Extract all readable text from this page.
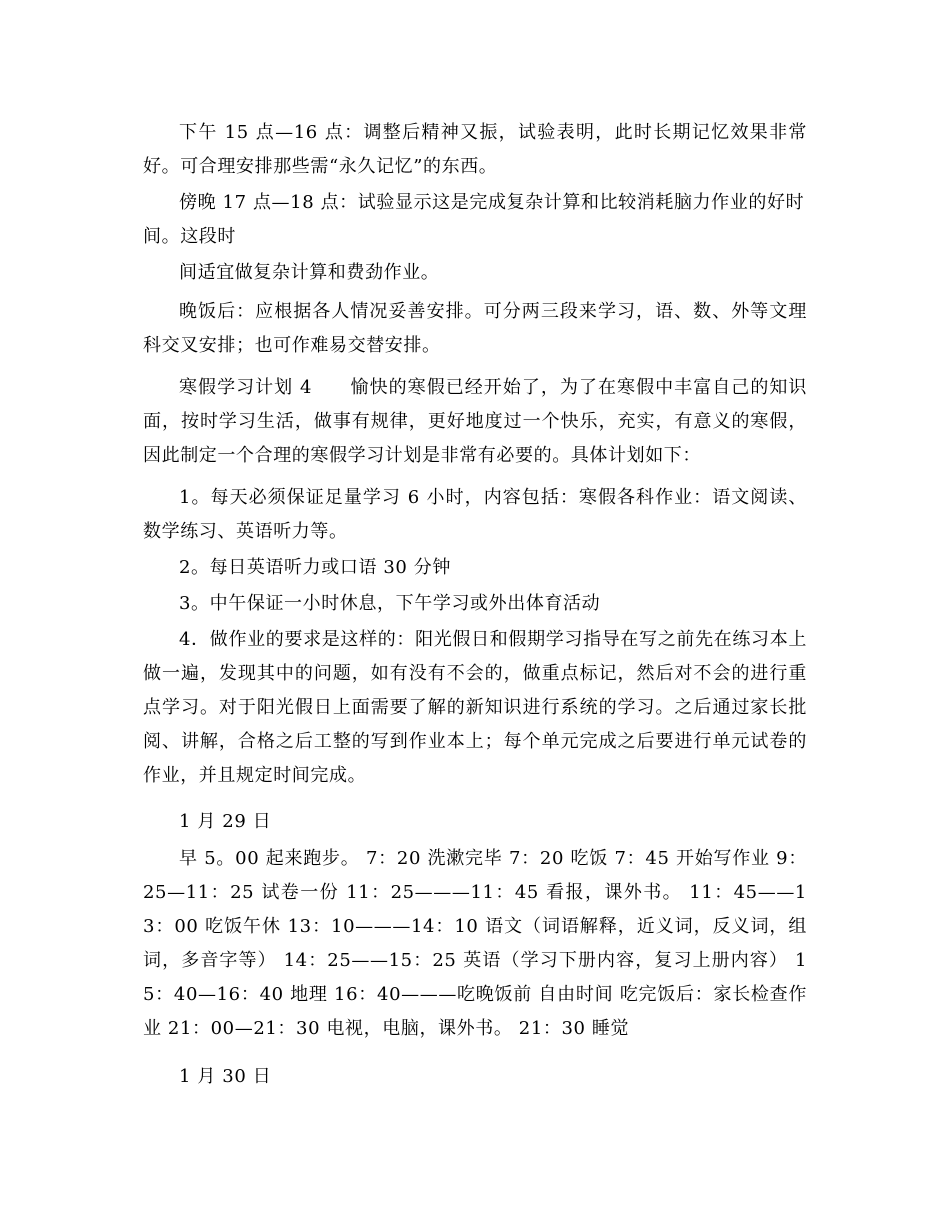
下午 15 点—16 点：调整后精神又振，试验表明，此时长期记忆效果非常好。可合理安排那些需“永久记忆”的东西。

傍晚 17 点—18 点：试验显示这是完成复杂计算和比较消耗脑力作业的好时间。这段时

间适宜做复杂计算和费劲作业。

晚饭后：应根据各人情况妥善安排。可分两三段来学习，语、数、外等文理科交叉安排；也可作难易交替安排。

寒假学习计划 4　　愉快的寒假已经开始了，为了在寒假中丰富自己的知识面，按时学习生活，做事有规律，更好地度过一个快乐，充实，有意义的寒假，因此制定一个合理的寒假学习计划是非常有必要的。具体计划如下：

1。每天必须保证足量学习 6 小时，内容包括：寒假各科作业：语文阅读、数学练习、英语听力等。

2。每日英语听力或口语 30 分钟

3。中午保证一小时休息，下午学习或外出体育活动

4．做作业的要求是这样的：阳光假日和假期学习指导在写之前先在练习本上做一遍，发现其中的问题，如有没有不会的，做重点标记，然后对不会的进行重点学习。对于阳光假日上面需要了解的新知识进行系统的学习。之后通过家长批阅、讲解，合格之后工整的写到作业本上；每个单元完成之后要进行单元试卷的作业，并且规定时间完成。

1 月 29 日

早 5。00 起来跑步。 7：20 洗漱完毕 7：20 吃饭 7：45 开始写作业 9：25—11：25 试卷一份 11：25———11：45 看报，课外书。 11：45——13：00 吃饭午休 13：10———14：10 语文（词语解释，近义词，反义词，组词，多音字等） 14：25——15：25 英语（学习下册内容，复习上册内容） 15：40—16：40 地理 16：40———吃晚饭前 自由时间 吃完饭后：家长检查作业 21：00—21：30 电视，电脑，课外书。 21：30 睡觉

1 月 30 日
